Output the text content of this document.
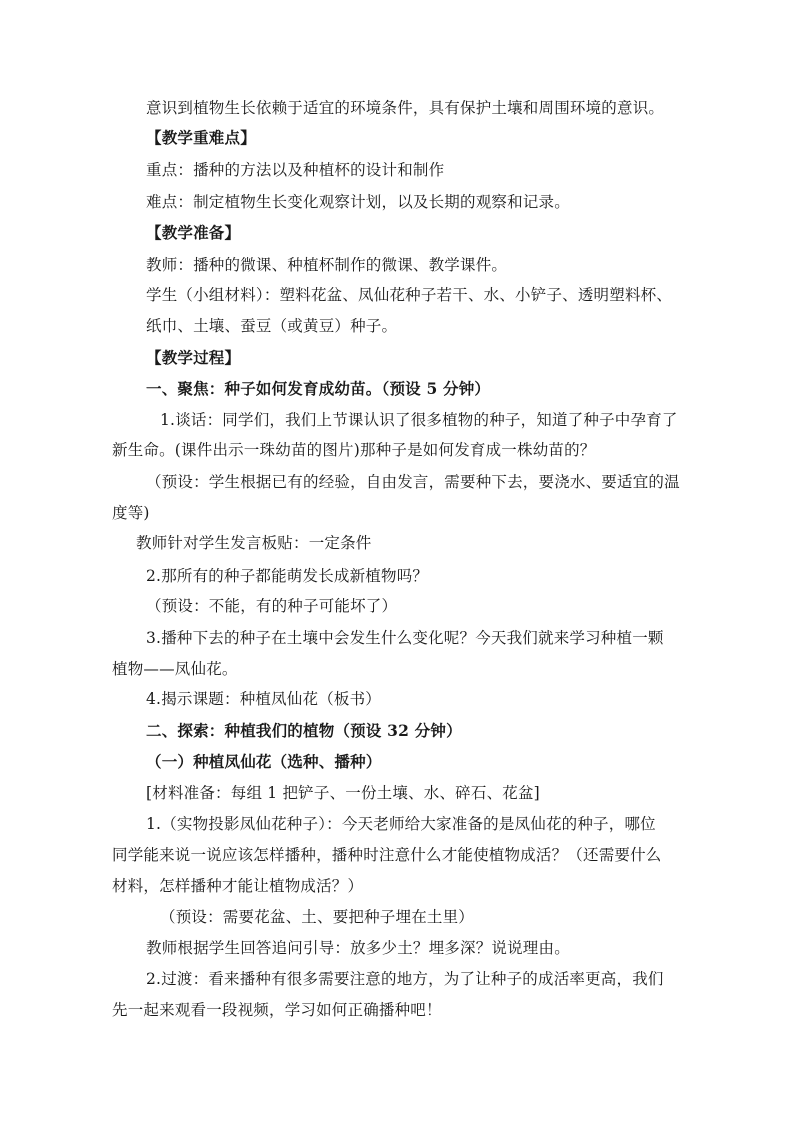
意识到植物生长依赖于适宜的环境条件，具有保护土壤和周围环境的意识。
【教学重难点】
重点：播种的方法以及种植杯的设计和制作
难点：制定植物生长变化观察计划，以及长期的观察和记录。
【教学准备】
教师：播种的微课、种植杯制作的微课、教学课件。
学生（小组材料）：塑料花盆、凤仙花种子若干、水、小铲子、透明塑料杯、
纸巾、土壤、蚕豆（或黄豆）种子。
【教学过程】
一、聚焦：种子如何发育成幼苗。（预设 5 分钟）
1.谈话：同学们，我们上节课认识了很多植物的种子，知道了种子中孕育了
新生命。(课件出示一珠幼苗的图片)那种子是如何发育成一株幼苗的？
（预设：学生根据已有的经验，自由发言，需要种下去，要浇水、要适宜的温
度等)
教师针对学生发言板贴：一定条件
2.那所有的种子都能萌发长成新植物吗？
（预设：不能，有的种子可能坏了）
3.播种下去的种子在土壤中会发生什么变化呢？今天我们就来学习种植一颗
植物——凤仙花。
4.揭示课题：种植凤仙花（板书）
二、探索：种植我们的植物（预设 32 分钟）
（一）种植凤仙花（选种、播种）
[材料准备：每组 1 把铲子、一份土壤、水、碎石、花盆]
1.（实物投影凤仙花种子）：今天老师给大家准备的是凤仙花的种子，哪位
同学能来说一说应该怎样播种，播种时注意什么才能使植物成活？（还需要什么
材料，怎样播种才能让植物成活？）
（预设：需要花盆、土、要把种子埋在土里）
教师根据学生回答追问引导：放多少土？埋多深？说说理由。
2.过渡：看来播种有很多需要注意的地方，为了让种子的成活率更高，我们
先一起来观看一段视频，学习如何正确播种吧！
